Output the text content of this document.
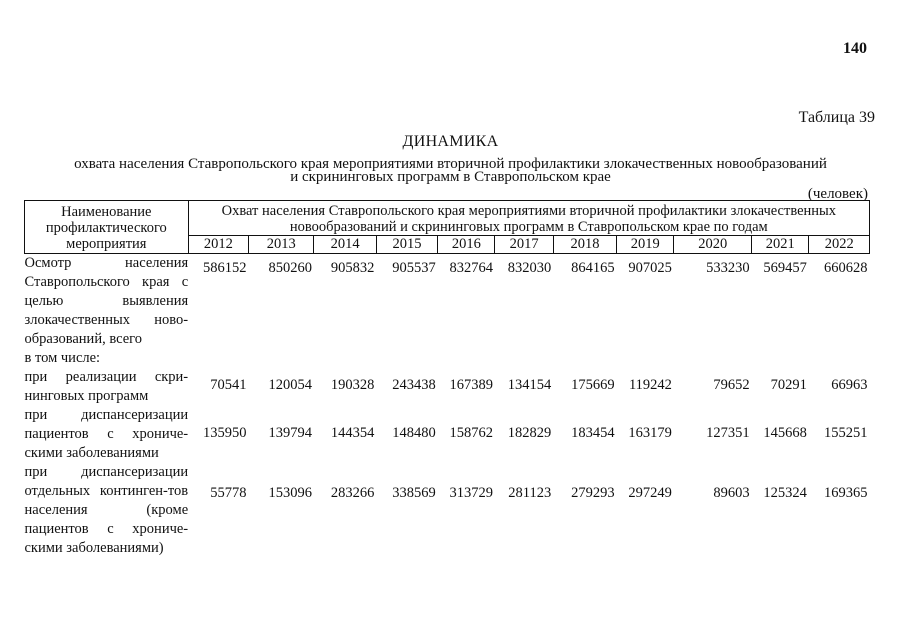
140
Таблица 39
ДИНАМИКА
охвата населения Ставропольского края мероприятиями вторичной профилактики злокачественных новообразований
и скрининговых программ в Ставропольском крае
(человек)
Наименование профилактического мероприятия	Охват населения Ставропольского края мероприятиями вторичной профилактики злокачественных новообразований и скрининговых программ в Ставропольском крае по годам										
	2012	2013	2014	2015	2016	2017	2018	2019	2020	2021	2022
Осмотр населения Ставропольского края с целью выявления злокачественных ново-образований, всего	586152	850260	905832	905537	832764	832030	864165	907025	533230	569457	660628
в том числе:											
при реализации скри-нинговых программ	70541	120054	190328	243438	167389	134154	175669	119242	79652	70291	66963
при диспансеризации пациентов с хрониче-скими заболеваниями	135950	139794	144354	148480	158762	182829	183454	163179	127351	145668	155251
при диспансеризации отдельных континген-тов населения (кроме пациентов с хрониче-скими заболеваниями)	55778	153096	283266	338569	313729	281123	279293	297249	89603	125324	169365
